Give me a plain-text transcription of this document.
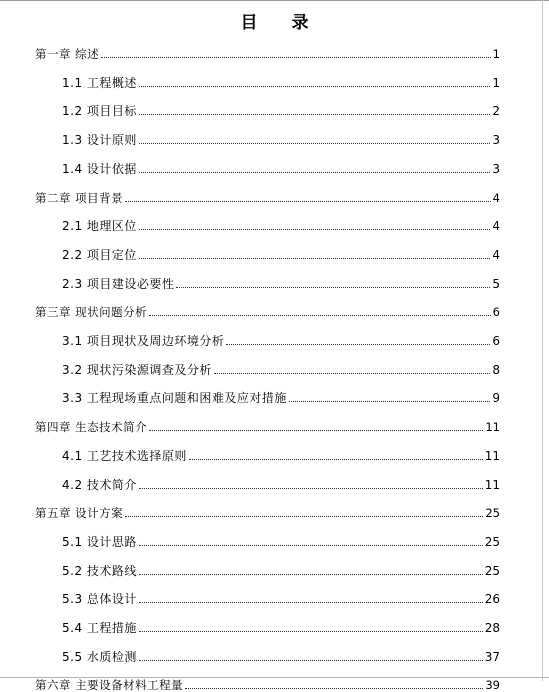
目 录
第一章 综述	1
1.1 工程概述	1
1.2 项目目标	2
1.3 设计原则	3
1.4 设计依据	3
第二章 项目背景	4
2.1 地理区位	4
2.2 项目定位	4
2.3 项目建设必要性	5
第三章 现状问题分析	6
3.1 项目现状及周边环境分析	6
3.2 现状污染源调查及分析	8
3.3 工程现场重点问题和困难及应对措施	9
第四章 生态技术简介	11
4.1 工艺技术选择原则	11
4.2 技术简介	11
第五章 设计方案	25
5.1 设计思路	25
5.2 技术路线	25
5.3 总体设计	26
5.4 工程措施	28
5.5 水质检测	37
第六章 主要设备材料工程量	39
